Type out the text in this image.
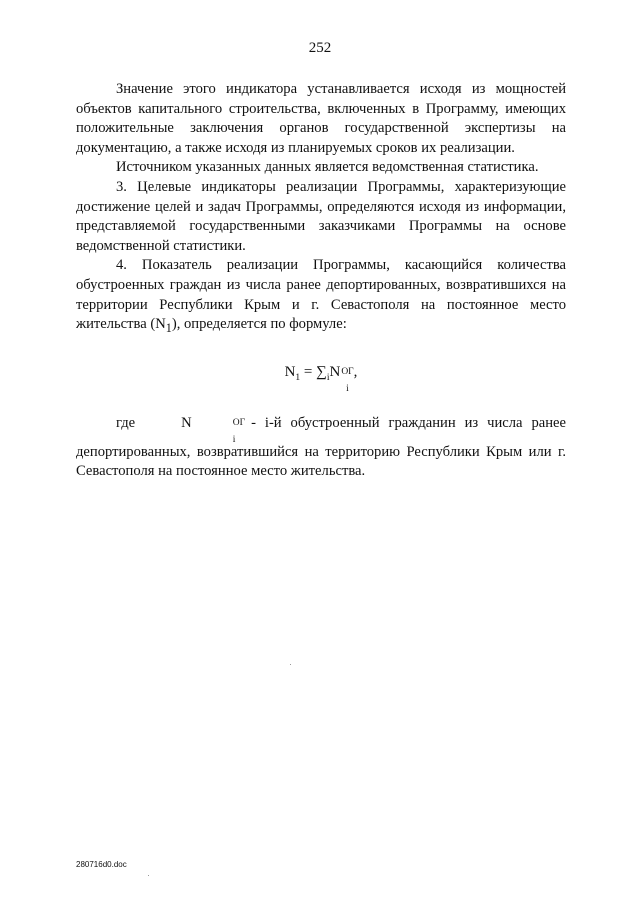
252

Значение этого индикатора устанавливается исходя из мощностей объектов капитального строительства, включенных в Программу, имеющих положительные заключения органов государственной экспертизы на документацию, а также исходя из планируемых сроков их реализации.

Источником указанных данных является ведомственная статистика.

3. Целевые индикаторы реализации Программы, характеризующие достижение целей и задач Программы, определяются исходя из информации, представляемой государственными заказчиками Программы на основе ведомственной статистики.

4. Показатель реализации Программы, касающийся количества обустроенных граждан из числа ранее депортированных, возвратившихся на территории Республики Крым и г. Севастополя на постоянное место жительства $(N_1)$, определяется по формуле:

$N_1 = \sum_iN$ ОГ
i
,

где	N	ОГ
i
- i-й обустроенный гражданин из числа ранее депортированных, возвратившийся на территорию Республики Крым или г. Севастополя на постоянное место жительства.

280716d0.doc
